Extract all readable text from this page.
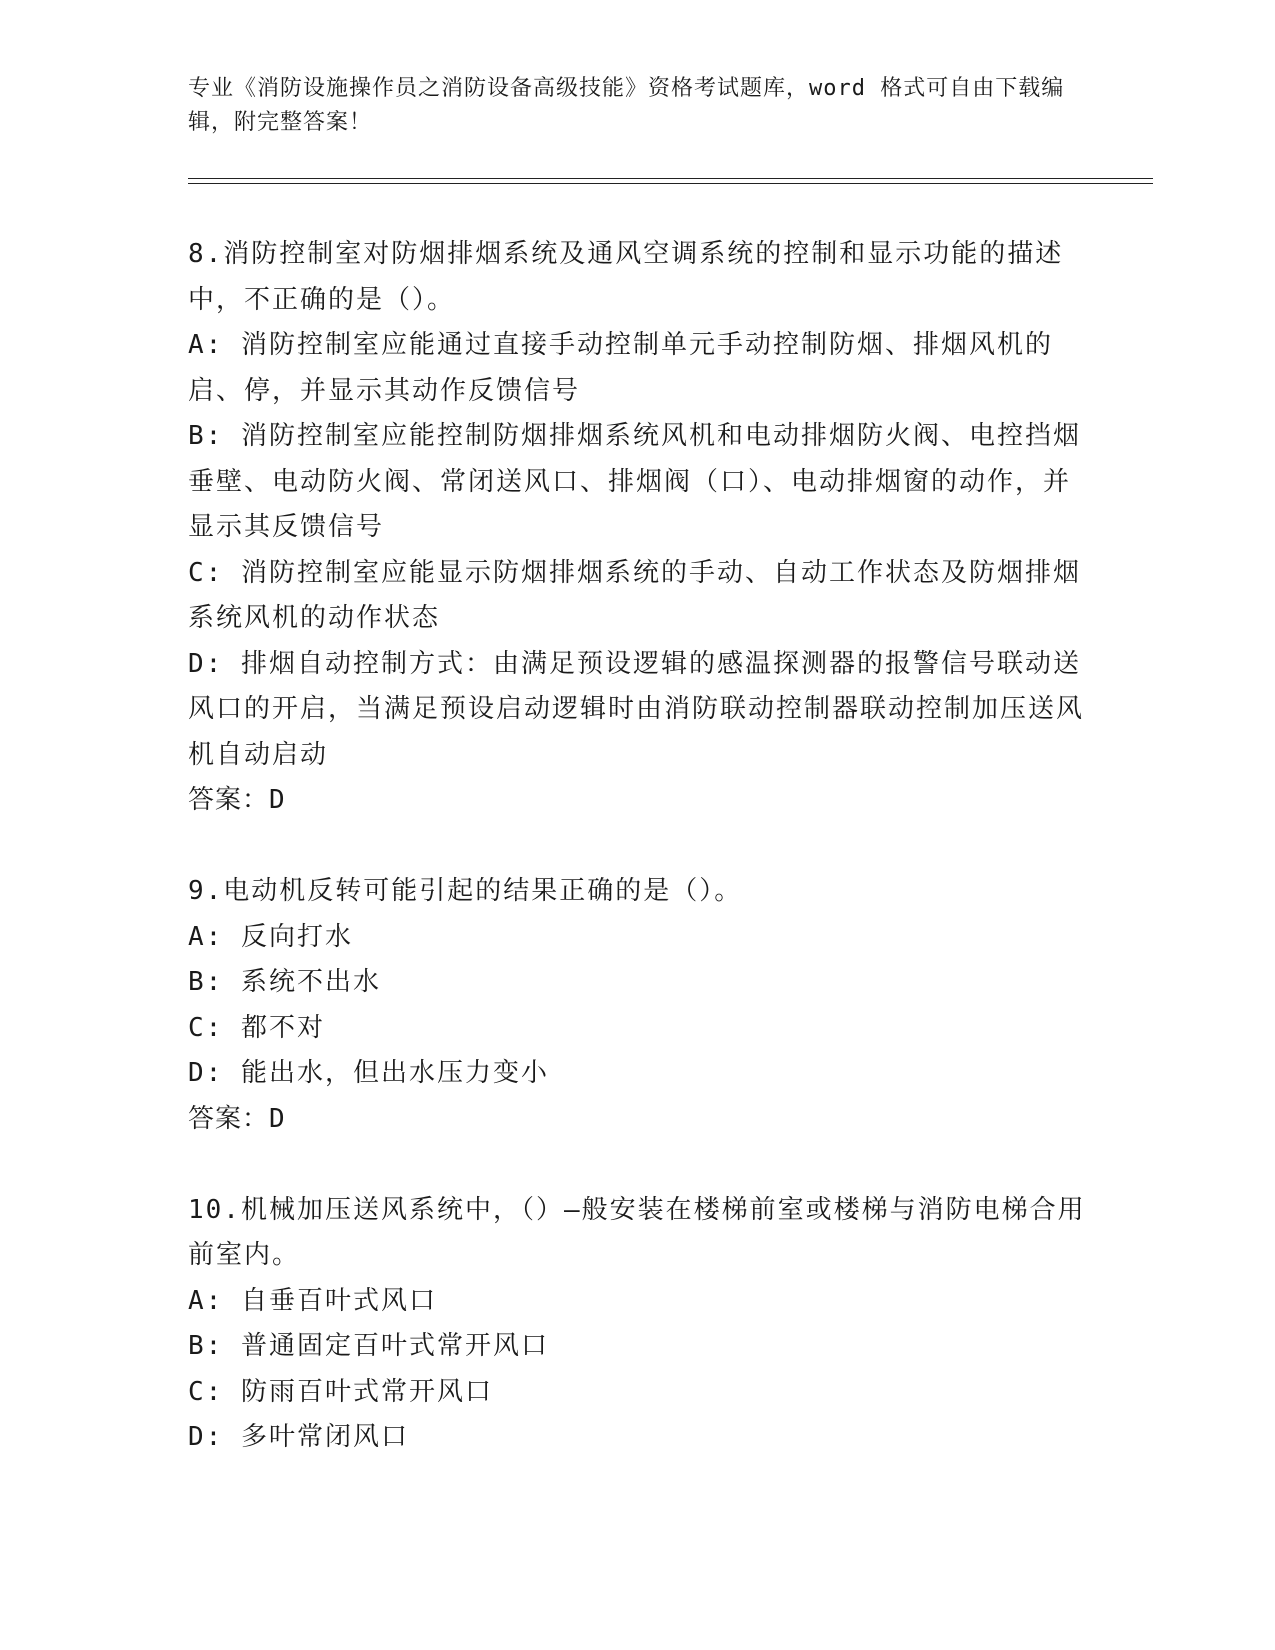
专业《消防设施操作员之消防设备高级技能》资格考试题库，word 格式可自由下载编辑，附完整答案！
8.消防控制室对防烟排烟系统及通风空调系统的控制和显示功能的描述中，不正确的是（）。
A: 消防控制室应能通过直接手动控制单元手动控制防烟、排烟风机的启、停，并显示其动作反馈信号
B: 消防控制室应能控制防烟排烟系统风机和电动排烟防火阀、电控挡烟垂壁、电动防火阀、常闭送风口、排烟阀（口）、电动排烟窗的动作，并显示其反馈信号
C: 消防控制室应能显示防烟排烟系统的手动、自动工作状态及防烟排烟系统风机的动作状态
D: 排烟自动控制方式：由满足预设逻辑的感温探测器的报警信号联动送风口的开启，当满足预设启动逻辑时由消防联动控制器联动控制加压送风机自动启动
答案：D
9.电动机反转可能引起的结果正确的是（）。
A: 反向打水
B: 系统不出水
C: 都不对
D: 能出水，但出水压力变小
答案：D
10.机械加压送风系统中，（）—般安装在楼梯前室或楼梯与消防电梯合用前室内。
A: 自垂百叶式风口
B: 普通固定百叶式常开风口
C: 防雨百叶式常开风口
D: 多叶常闭风口
